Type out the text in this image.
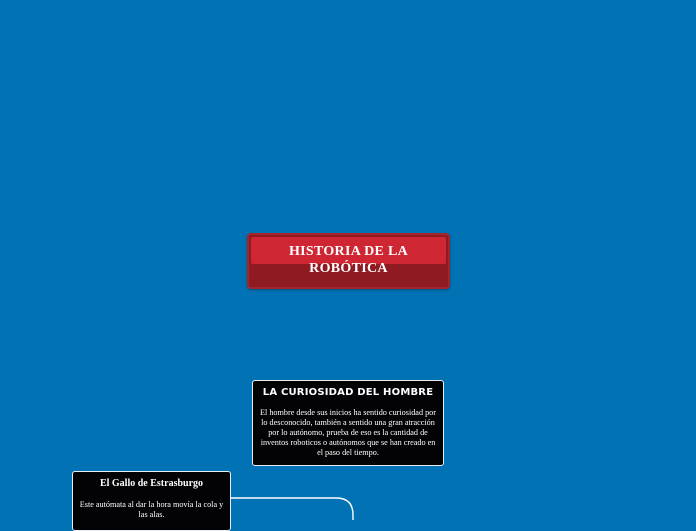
HISTORIA DE LA ROBÓTICA
LA CURIOSIDAD DEL HOMBRE
El hombre desde sus inicios ha sentido curiosidad por lo desconocido, también a sentido una gran atracción por lo autónomo, prueba de eso es la cantidad de inventos roboticos o autónomos que se han creado en el paso del tiempo.
El Gallo de Estrasburgo
Este autómata al dar la hora movía la cola y las alas.
